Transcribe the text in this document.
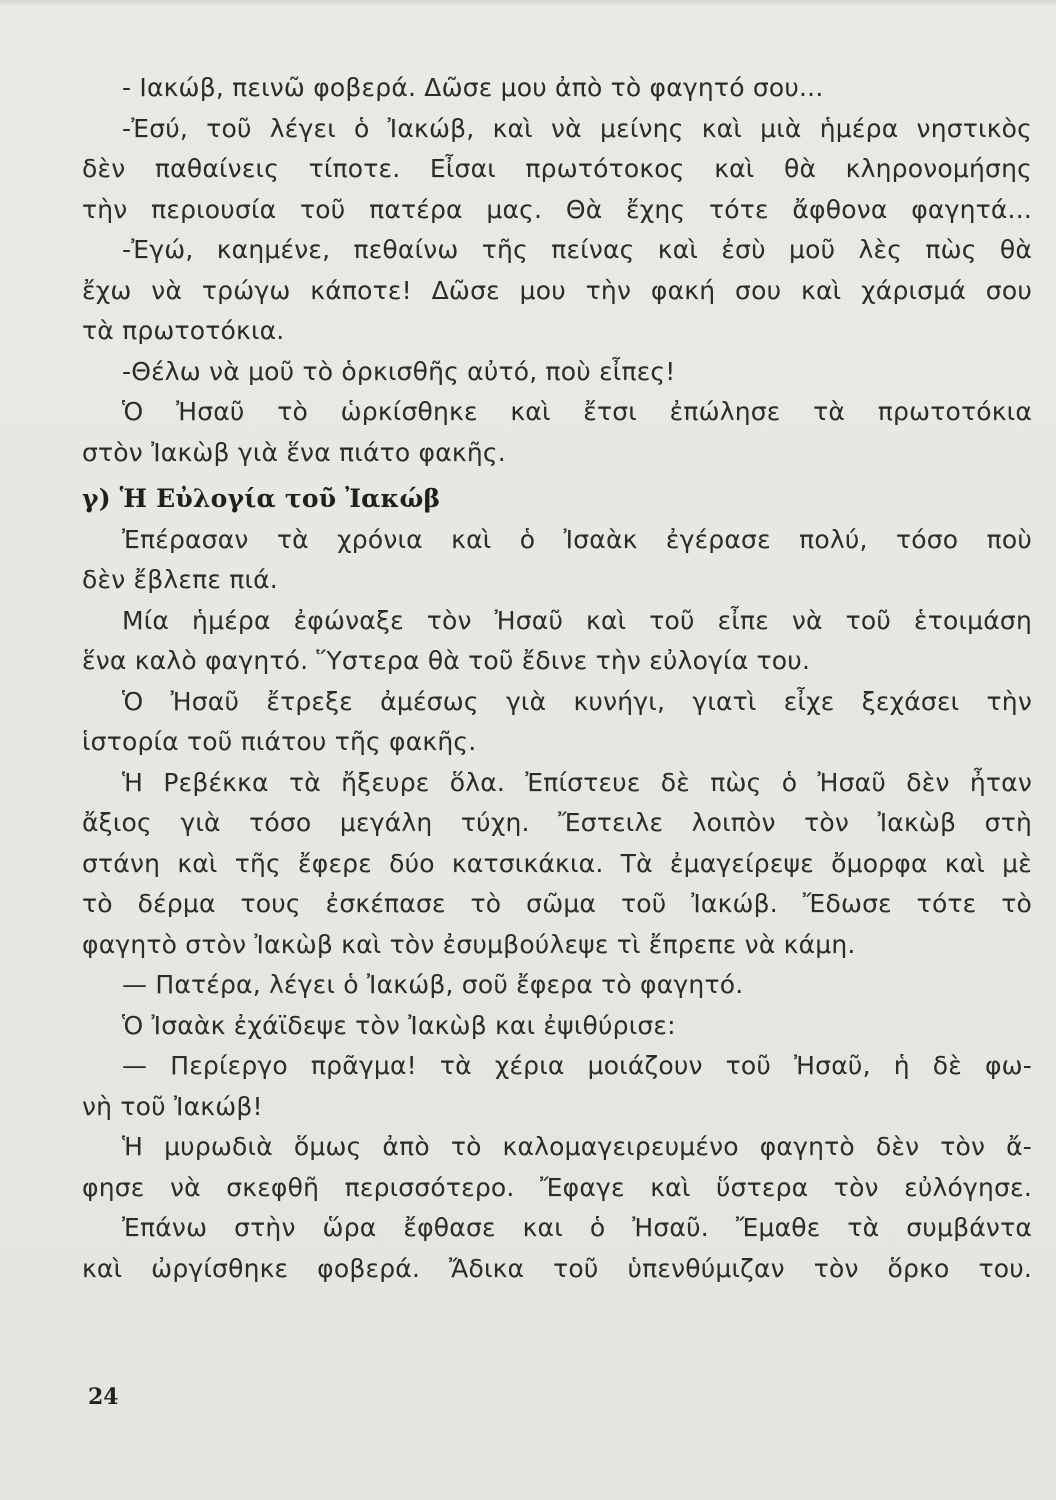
- Ιακώβ, πεινῶ φοβερά. Δῶσε μου ἀπὸ τὸ φαγητό σου...
-Ἐσύ, τοῦ λέγει ὁ Ἰακώβ, καὶ νὰ μείνης καὶ μιὰ ἡμέρα νηστικὸς
δὲν παθαίνεις τίποτε. Εἶσαι πρωτότοκος καὶ θὰ κληρονομήσης
τὴν περιουσία τοῦ πατέρα μας. Θὰ ἔχης τότε ἄφθονα φαγητά...
-Ἐγώ, καημένε, πεθαίνω τῆς πείνας καὶ ἐσὺ μοῦ λὲς πὼς θὰ
ἔχω νὰ τρώγω κάποτε! Δῶσε μου τὴν φακή σου καὶ χάρισμά σου
τὰ πρωτοτόκια.
-Θέλω νὰ μοῦ τὸ ὁρκισθῆς αὐτό, ποὺ εἶπες!
Ὁ Ἠσαῦ τὸ ὡρκίσθηκε καὶ ἔτσι ἐπώλησε τὰ πρωτοτόκια
στὸν Ἰακὼβ γιὰ ἕνα πιάτο φακῆς.
γ) Ἡ Εὐλογία τοῦ Ἰακώβ
Ἐπέρασαν τὰ χρόνια καὶ ὁ Ἰσαὰκ ἐγέρασε πολύ, τόσο ποὺ
δὲν ἔβλεπε πιά.
Μία ἡμέρα ἐφώναξε τὸν Ἠσαῦ καὶ τοῦ εἶπε νὰ τοῦ ἑτοιμάση
ἕνα καλὸ φαγητό. Ὕστερα θὰ τοῦ ἔδινε τὴν εὐλογία του.
Ὁ Ἠσαῦ ἔτρεξε ἀμέσως γιὰ κυνήγι, γιατὶ εἶχε ξεχάσει τὴν
ἱστορία τοῦ πιάτου τῆς φακῆς.
Ἡ Ρεβέκκα τὰ ἤξευρε ὅλα. Ἐπίστευε δὲ πὼς ὁ Ἠσαῦ δὲν ἦταν
ἄξιος γιὰ τόσο μεγάλη τύχη. Ἔστειλε λοιπὸν τὸν Ἰακὼβ στὴ
στάνη καὶ τῆς ἔφερε δύο κατσικάκια. Τὰ ἐμαγείρεψε ὄμορφα καὶ μὲ
τὸ δέρμα τους ἐσκέπασε τὸ σῶμα τοῦ Ἰακώβ. Ἔδωσε τότε τὸ
φαγητὸ στὸν Ἰακὼβ καὶ τὸν ἐσυμβούλεψε τὶ ἔπρεπε νὰ κάμη.
— Πατέρα, λέγει ὁ Ἰακώβ, σοῦ ἔφερα τὸ φαγητό.
Ὁ Ἰσαὰκ ἐχάϊδεψε τὸν Ἰακὼβ και ἐψιθύρισε:
— Περίεργο πρᾶγμα! τὰ χέρια μοιάζουν τοῦ Ἠσαῦ, ἡ δὲ φω-
νὴ τοῦ Ἰακώβ!
Ἡ μυρωδιὰ ὅμως ἀπὸ τὸ καλομαγειρευμένο φαγητὸ δὲν τὸν ἄ-
φησε νὰ σκεφθῆ περισσότερο. Ἔφαγε καὶ ὕστερα τὸν εὐλόγησε.
Ἐπάνω στὴν ὥρα ἔφθασε και ὁ Ἠσαῦ. Ἔμαθε τὰ συμβάντα
καὶ ὠργίσθηκε φοβερά. Ἄδικα τοῦ ὑπενθύμιζαν τὸν ὅρκο του.
24
